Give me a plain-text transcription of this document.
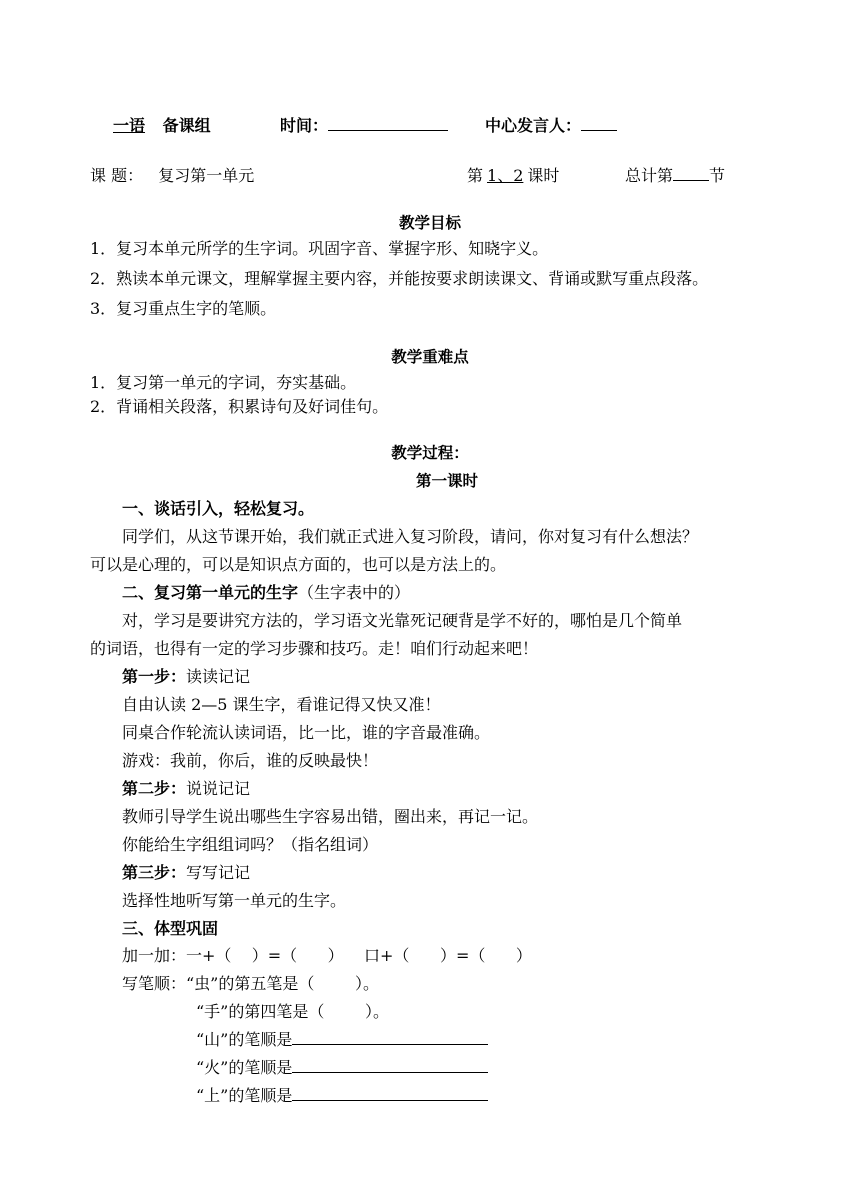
一语 备课组	时间：	中心发言人：
课 题： 复习第一单元	第 1、2 课时	总计第 节
教学目标
1．复习本单元所学的生字词。巩固字音、掌握字形、知晓字义。
2．熟读本单元课文，理解掌握主要内容，并能按要求朗读课文、背诵或默写重点段落。
3．复习重点生字的笔顺。
教学重难点
1．复习第一单元的字词，夯实基础。
2．背诵相关段落，积累诗句及好词佳句。
教学过程：
第一课时
一、谈话引入，轻松复习。
同学们，从这节课开始，我们就正式进入复习阶段，请问，你对复习有什么想法？
可以是心理的，可以是知识点方面的，也可以是方法上的。
二、复习第一单元的生字（生字表中的）
对，学习是要讲究方法的，学习语文光靠死记硬背是学不好的，哪怕是几个简单
的词语，也得有一定的学习步骤和技巧。走！咱们行动起来吧！
第一步：读读记记
自由认读 2—5 课生字，看谁记得又快又准！
同桌合作轮流认读词语，比一比，谁的字音最准确。
游戏：我前，你后，谁的反映最快！
第二步：说说记记
教师引导学生说出哪些生字容易出错，圈出来，再记一记。
你能给生字组组词吗？（指名组词）
第三步：写写记记
选择性地听写第一单元的生字。
三、体型巩固
加一加：一+（    ）=（      ）    口+（      ）=（      ）
写笔顺：“虫”的第五笔是（        ）。
“手”的第四笔是（        ）。
“山”的笔顺是
“火”的笔顺是
“上”的笔顺是
